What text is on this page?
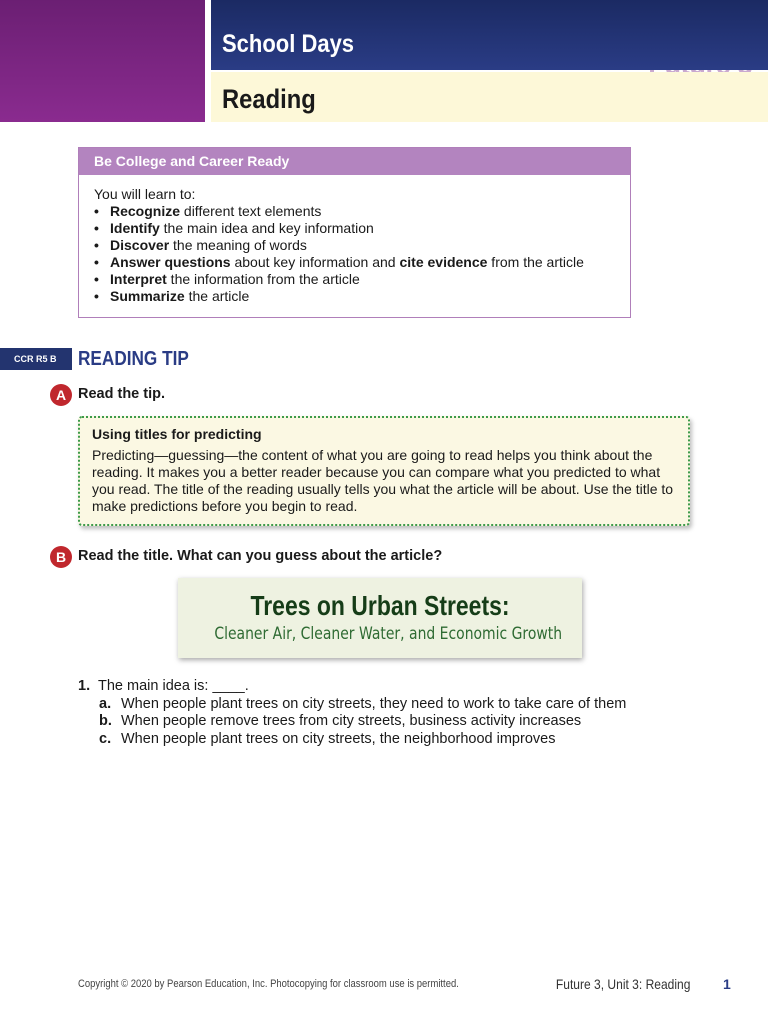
School Days
Reading
Be College and Career Ready
You will learn to:
• Recognize different text elements
• Identify the main idea and key information
• Discover the meaning of words
• Answer questions about key information and cite evidence from the article
• Interpret the information from the article
• Summarize the article
CCR R5 B	READING TIP
A Read the tip.
Using titles for predicting
Predicting—guessing—the content of what you are going to read helps you think about the reading. It makes you a better reader because you can compare what you predicted to what you read. The title of the reading usually tells you what the article will be about. Use the title to make predictions before you begin to read.
B Read the title. What can you guess about the article?
Trees on Urban Streets:
Cleaner Air, Cleaner Water, and Economic Growth
1. The main idea is: ____.
a. When people plant trees on city streets, they need to work to take care of them
b. When people remove trees from city streets, business activity increases
c. When people plant trees on city streets, the neighborhood improves
Copyright © 2020 by Pearson Education, Inc. Photocopying for classroom use is permitted.	Future 3, Unit 3: Reading 1
